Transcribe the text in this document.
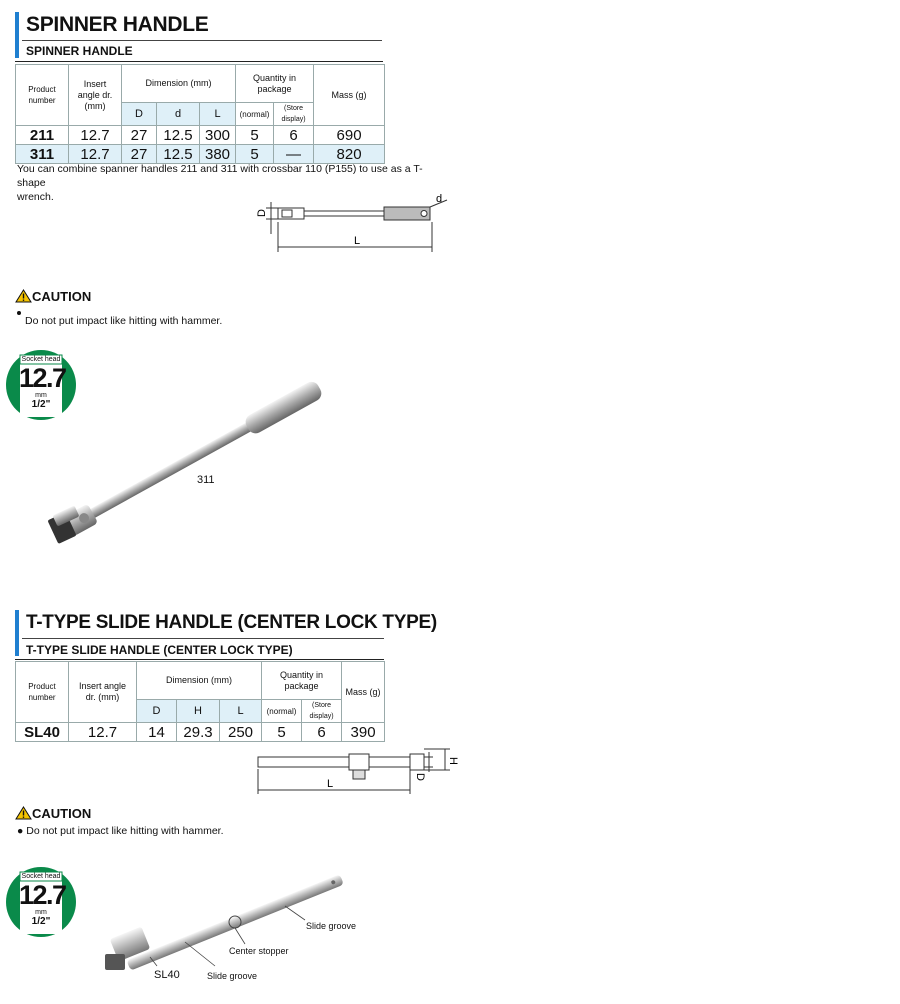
SPINNER HANDLE
SPINNER HANDLE
Product number	Insert angle dr. (mm)	Dimension (mm)			Quantity in package		Mass (g)
		D	d	L	(normal)	(Store display)	
211	12.7	27	12.5	300	5	6	690
311	12.7	27	12.5	380	5	—	820
You can combine spanner handles 211 and 311 with crossbar 110 (P155) to use as a T-shape
wrench.
D
d
L
CAUTION
Do not put impact like hitting with hammer.
Socket head
12.7
mm
1/2"
311
T-TYPE SLIDE HANDLE (CENTER LOCK TYPE)
T-TYPE SLIDE HANDLE (CENTER LOCK TYPE)
Product number	Insert angle dr. (mm)	Dimension (mm)			Quantity in package		Mass (g)
		D	H	L	(normal)	(Store display)	
SL40	12.7	14	29.3	250	5	6	390
H
D
L
CAUTION
● Do not put impact like hitting with hammer.
Socket head
12.7
mm
1/2"	Slide groove
Center stopper
Slide groove
SL40
